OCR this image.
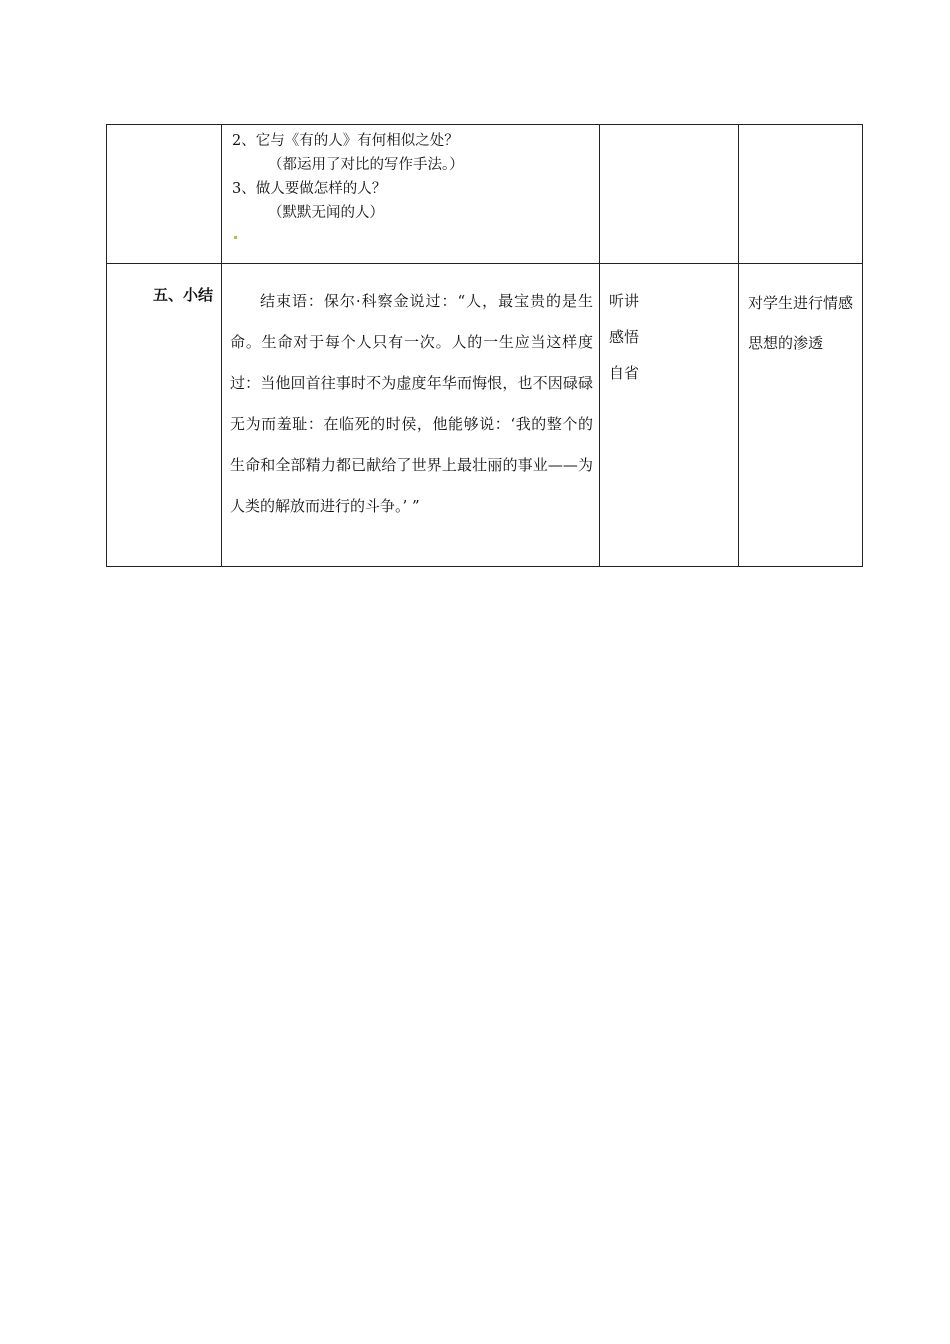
	2、它与《有的人》有何相似之处？
（都运用了对比的写作手法。）
3、做人要做怎样的人？
（默默无闻的人）		

五、小结	结束语：保尔·科察金说过：“人，最宝贵的是生命。生命对于每个人只有一次。人的一生应当这样度过：当他回首往事时不为虚度年华而悔恨，也不因碌碌无为而羞耻：在临死的时侯，他能够说：‘我的整个的生命和全部精力都已献给了世界上最壮丽的事业——为人类的解放而进行的斗争。’ ”	听讲
感悟
自省	对学生进行情感思想的渗透
